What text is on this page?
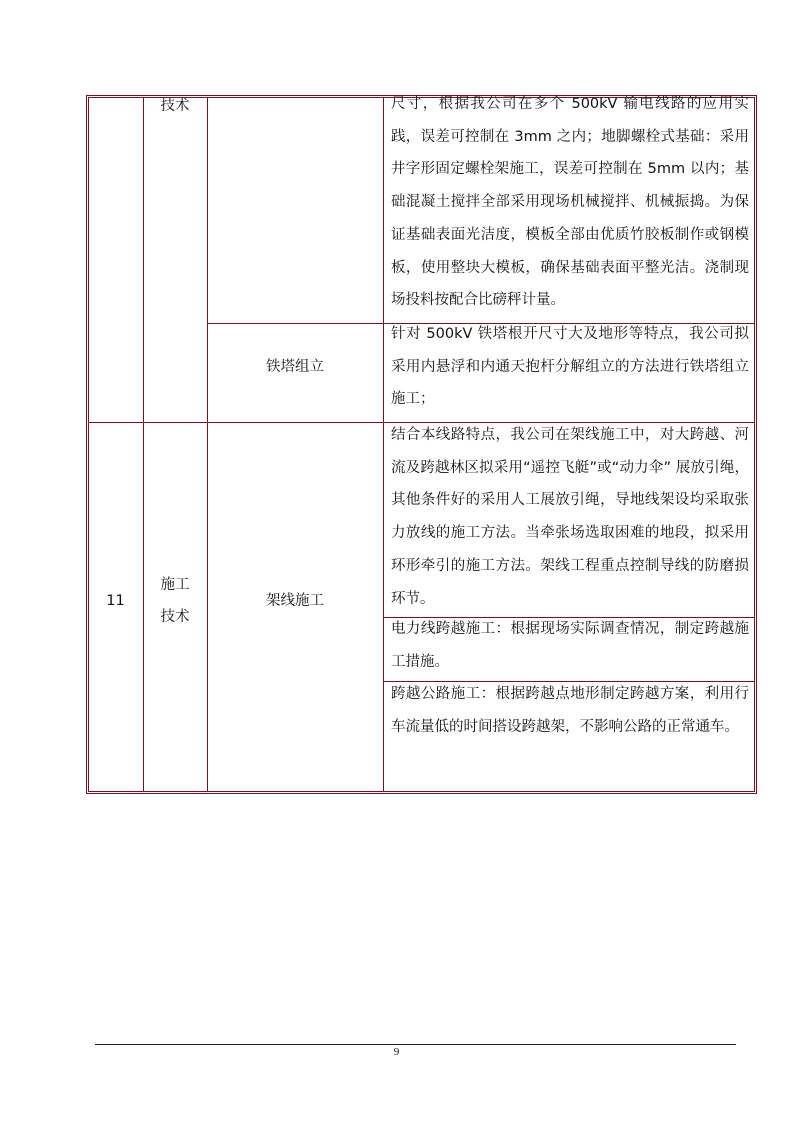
技术	尺寸，根据我公司在多个 500kV 输电线路的应用实践，误差可控制在 3mm 之内；地脚螺栓式基础：采用井字形固定螺栓架施工，误差可控制在 5mm 以内；基础混凝土搅拌全部采用现场机械搅拌、机械振捣。为保证基础表面光洁度，模板全部由优质竹胶板制作或钢模板，使用整块大模板，确保基础表面平整光洁。浇制现场投料按配合比磅秤计量。
铁塔组立
针对 500kV 铁塔根开尺寸大及地形等特点，我公司拟采用内悬浮和内通天抱杆分解组立的方法进行铁塔组立施工；
11
施工
技术
架线施工
结合本线路特点，我公司在架线施工中，对大跨越、河流及跨越林区拟采用“遥控飞艇”或“动力伞” 展放引绳，其他条件好的采用人工展放引绳，导地线架设均采取张力放线的施工方法。当牵张场选取困难的地段，拟采用环形牵引的施工方法。架线工程重点控制导线的防磨损环节。
电力线跨越施工：根据现场实际调查情况，制定跨越施工措施。
跨越公路施工：根据跨越点地形制定跨越方案，利用行车流量低的时间搭设跨越架，不影响公路的正常通车。
9
